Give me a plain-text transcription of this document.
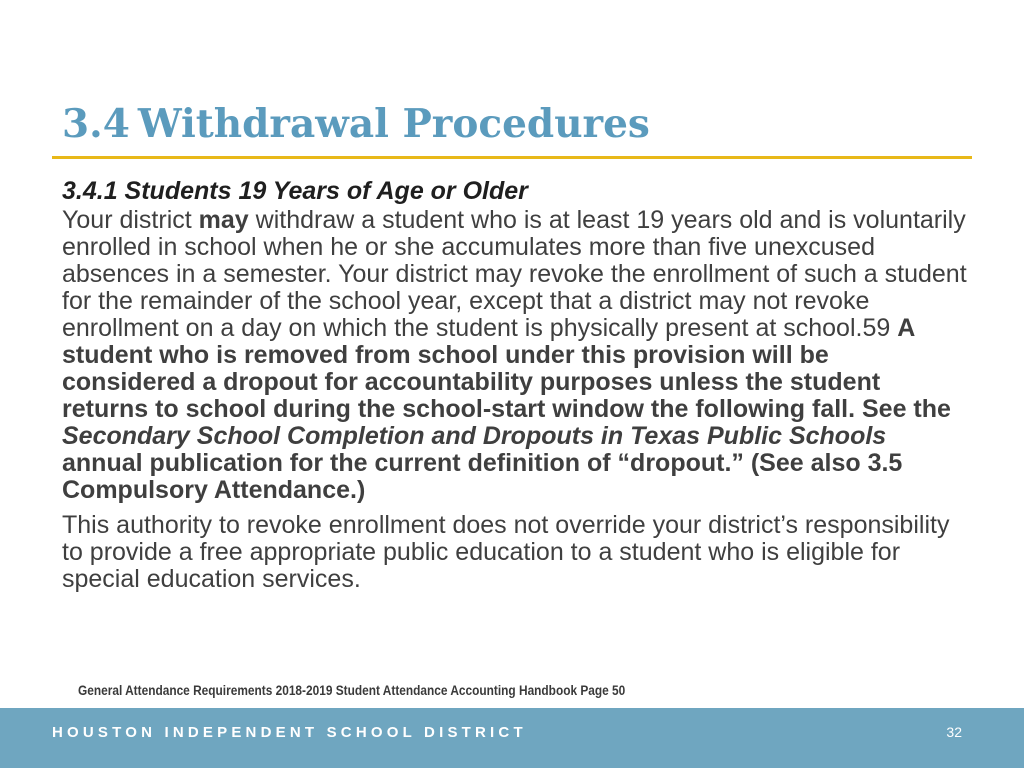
3.4 Withdrawal Procedures

3.4.1 Students 19 Years of Age or Older

Your district may withdraw a student who is at least 19 years old and is voluntarily enrolled in school when he or she accumulates more than five unexcused absences in a semester. Your district may revoke the enrollment of such a student for the remainder of the school year, except that a district may not revoke enrollment on a day on which the student is physically present at school.59 A student who is removed from school under this provision will be considered a dropout for accountability purposes unless the student returns to school during the school-start window the following fall. See the Secondary School Completion and Dropouts in Texas Public Schools annual publication for the current definition of “dropout.” (See also 3.5 Compulsory Attendance.)

This authority to revoke enrollment does not override your district’s responsibility to provide a free appropriate public education to a student who is eligible for special education services.

General Attendance Requirements 2018-2019 Student Attendance Accounting Handbook Page 50
HOUSTON INDEPENDENT SCHOOL DISTRICT	32
